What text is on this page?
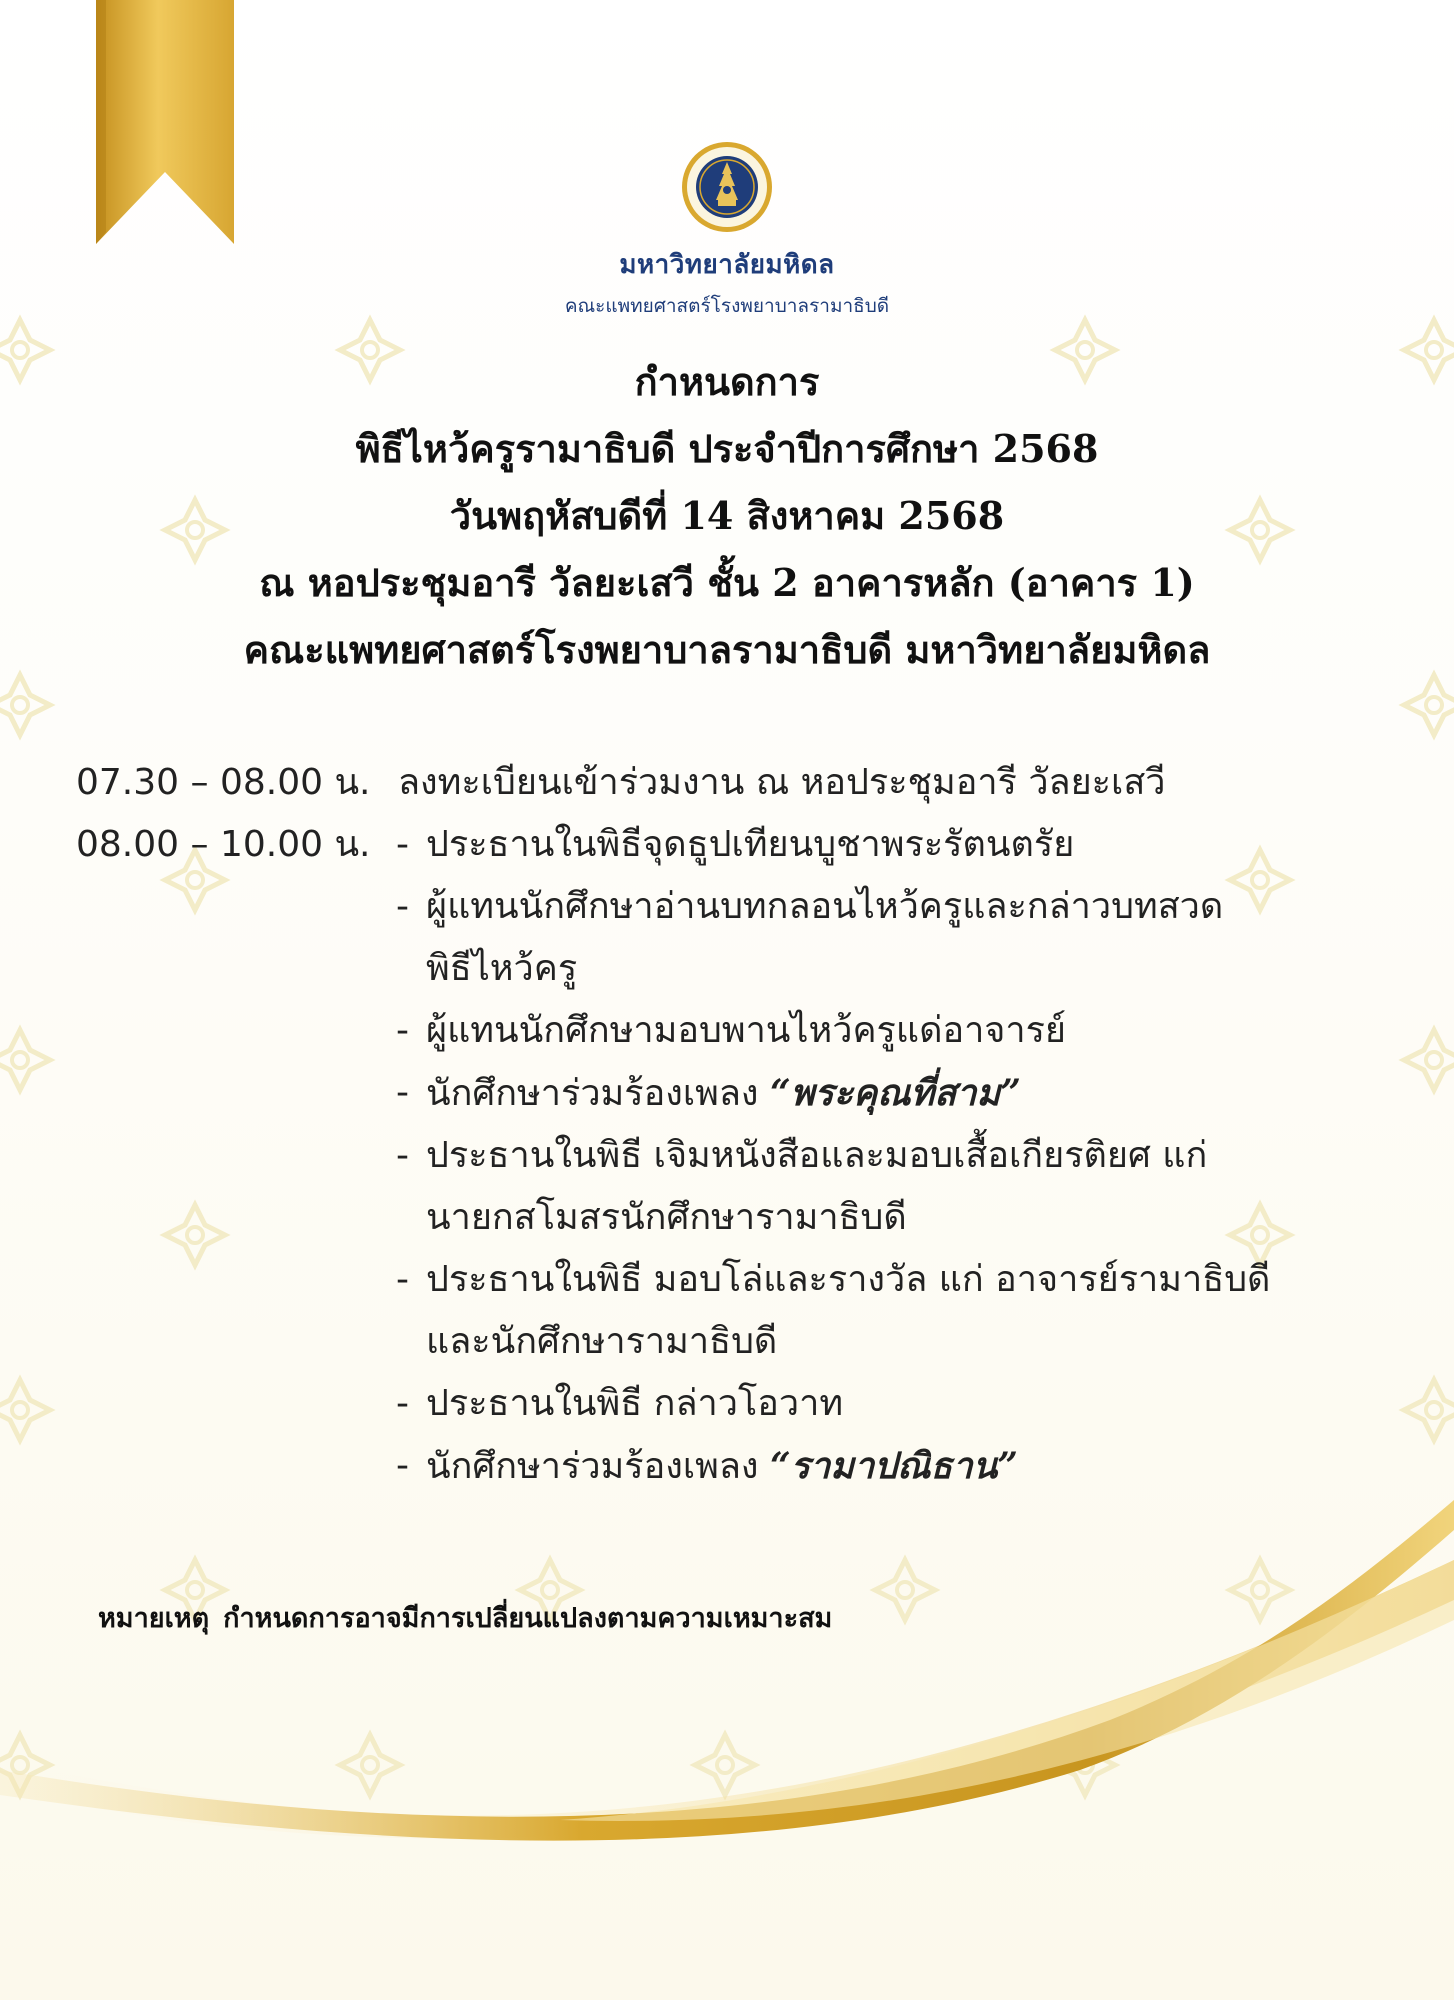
มหาวิทยาลัยมหิดล
คณะแพทยศาสตร์โรงพยาบาลรามาธิบดี
กำหนดการ
พิธีไหว้ครูรามาธิบดี ประจำปีการศึกษา 2568
วันพฤหัสบดีที่ 14 สิงหาคม 2568
ณ หอประชุมอารี วัลยะเสวี ชั้น 2 อาคารหลัก (อาคาร 1)
คณะแพทยศาสตร์โรงพยาบาลรามาธิบดี มหาวิทยาลัยมหิดล
07.30 – 08.00 น. ลงทะเบียนเข้าร่วมงาน ณ หอประชุมอารี วัลยะเสวี
08.00 – 10.00 น. - ประธานในพิธีจุดธูปเทียนบูชาพระรัตนตรัย
- ผู้แทนนักศึกษาอ่านบทกลอนไหว้ครูและกล่าวบทสวด
พิธีไหว้ครู
- ผู้แทนนักศึกษามอบพานไหว้ครูแด่อาจารย์
- นักศึกษาร่วมร้องเพลง “พระคุณที่สาม”
- ประธานในพิธี เจิมหนังสือและมอบเสื้อเกียรติยศ แก่
นายกสโมสรนักศึกษารามาธิบดี
- ประธานในพิธี มอบโล่และรางวัล แก่ อาจารย์รามาธิบดี
และนักศึกษารามาธิบดี
- ประธานในพิธี กล่าวโอวาท
- นักศึกษาร่วมร้องเพลง “รามาปณิธาน”
หมายเหตุ กำหนดการอาจมีการเปลี่ยนแปลงตามความเหมาะสม
